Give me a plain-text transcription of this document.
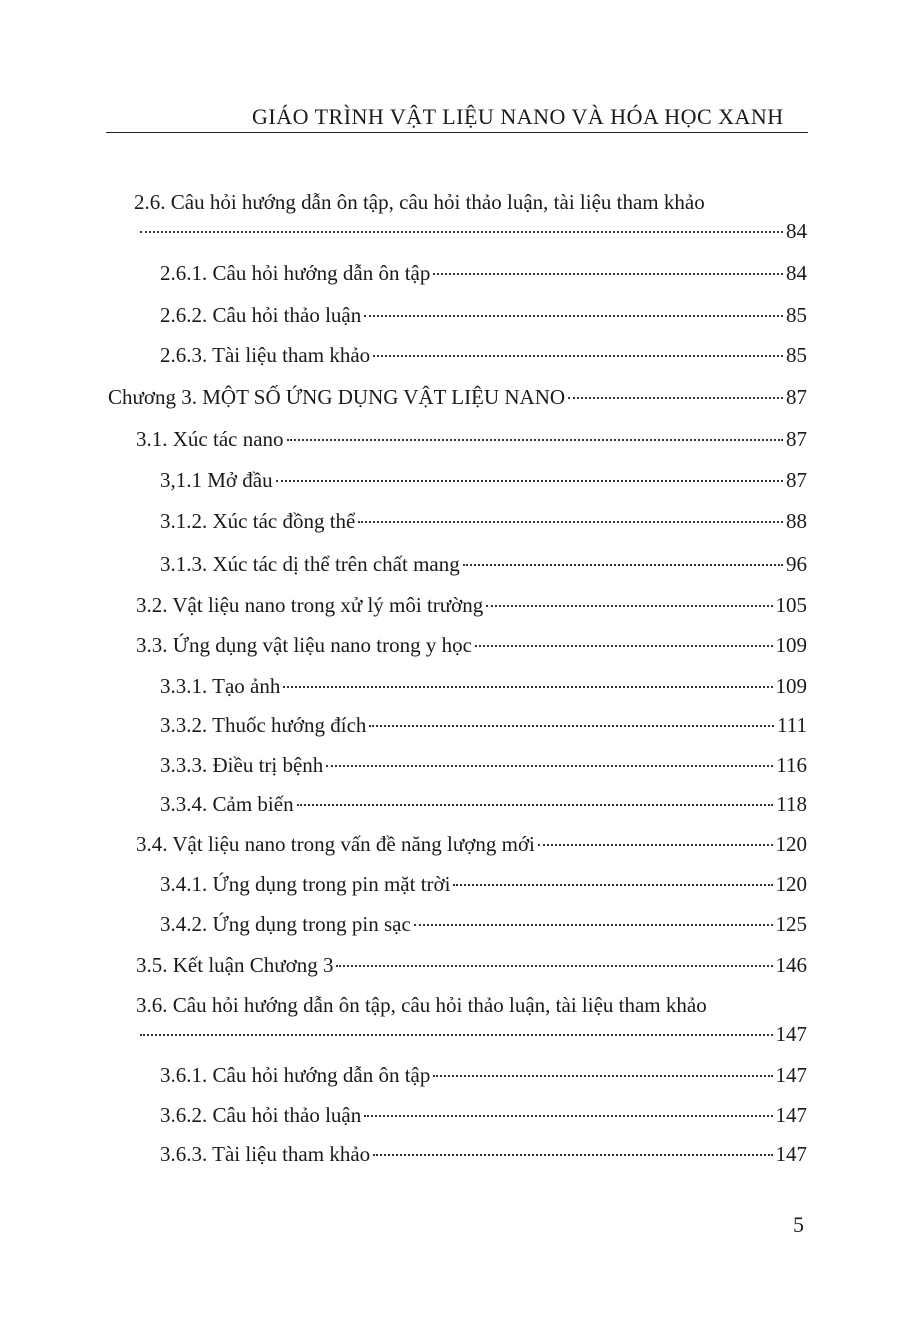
GIÁO TRÌNH VẬT LIỆU NANO VÀ HÓA HỌC XANH
2.6. Câu hỏi hướng dẫn ôn tập, câu hỏi thảo luận, tài liệu tham khảo
84
2.6.1. Câu hỏi hướng dẫn ôn tập	84
2.6.2. Câu hỏi thảo luận	85
2.6.3. Tài liệu tham khảo	85
Chương 3. MỘT SỐ ỨNG DỤNG VẬT LIỆU NANO	87
3.1. Xúc tác nano	87
3,1.1 Mở đầu	87
3.1.2. Xúc tác đồng thể	88
3.1.3. Xúc tác dị thể trên chất mang	96
3.2. Vật liệu nano trong xử lý môi trường	105
3.3. Ứng dụng vật liệu nano trong y học	109
3.3.1. Tạo ảnh	109
3.3.2. Thuốc hướng đích	111
3.3.3. Điều trị bệnh	116
3.3.4. Cảm biến	118
3.4. Vật liệu nano trong vấn đề năng lượng mới	120
3.4.1. Ứng dụng trong pin mặt trời	120
3.4.2. Ứng dụng trong pin sạc	125
3.5. Kết luận Chương 3	146
3.6. Câu hỏi hướng dẫn ôn tập, câu hỏi thảo luận, tài liệu tham khảo
147
3.6.1. Câu hỏi hướng dẫn ôn tập	147
3.6.2. Câu hỏi thảo luận	147
3.6.3. Tài liệu tham khảo	147
5
